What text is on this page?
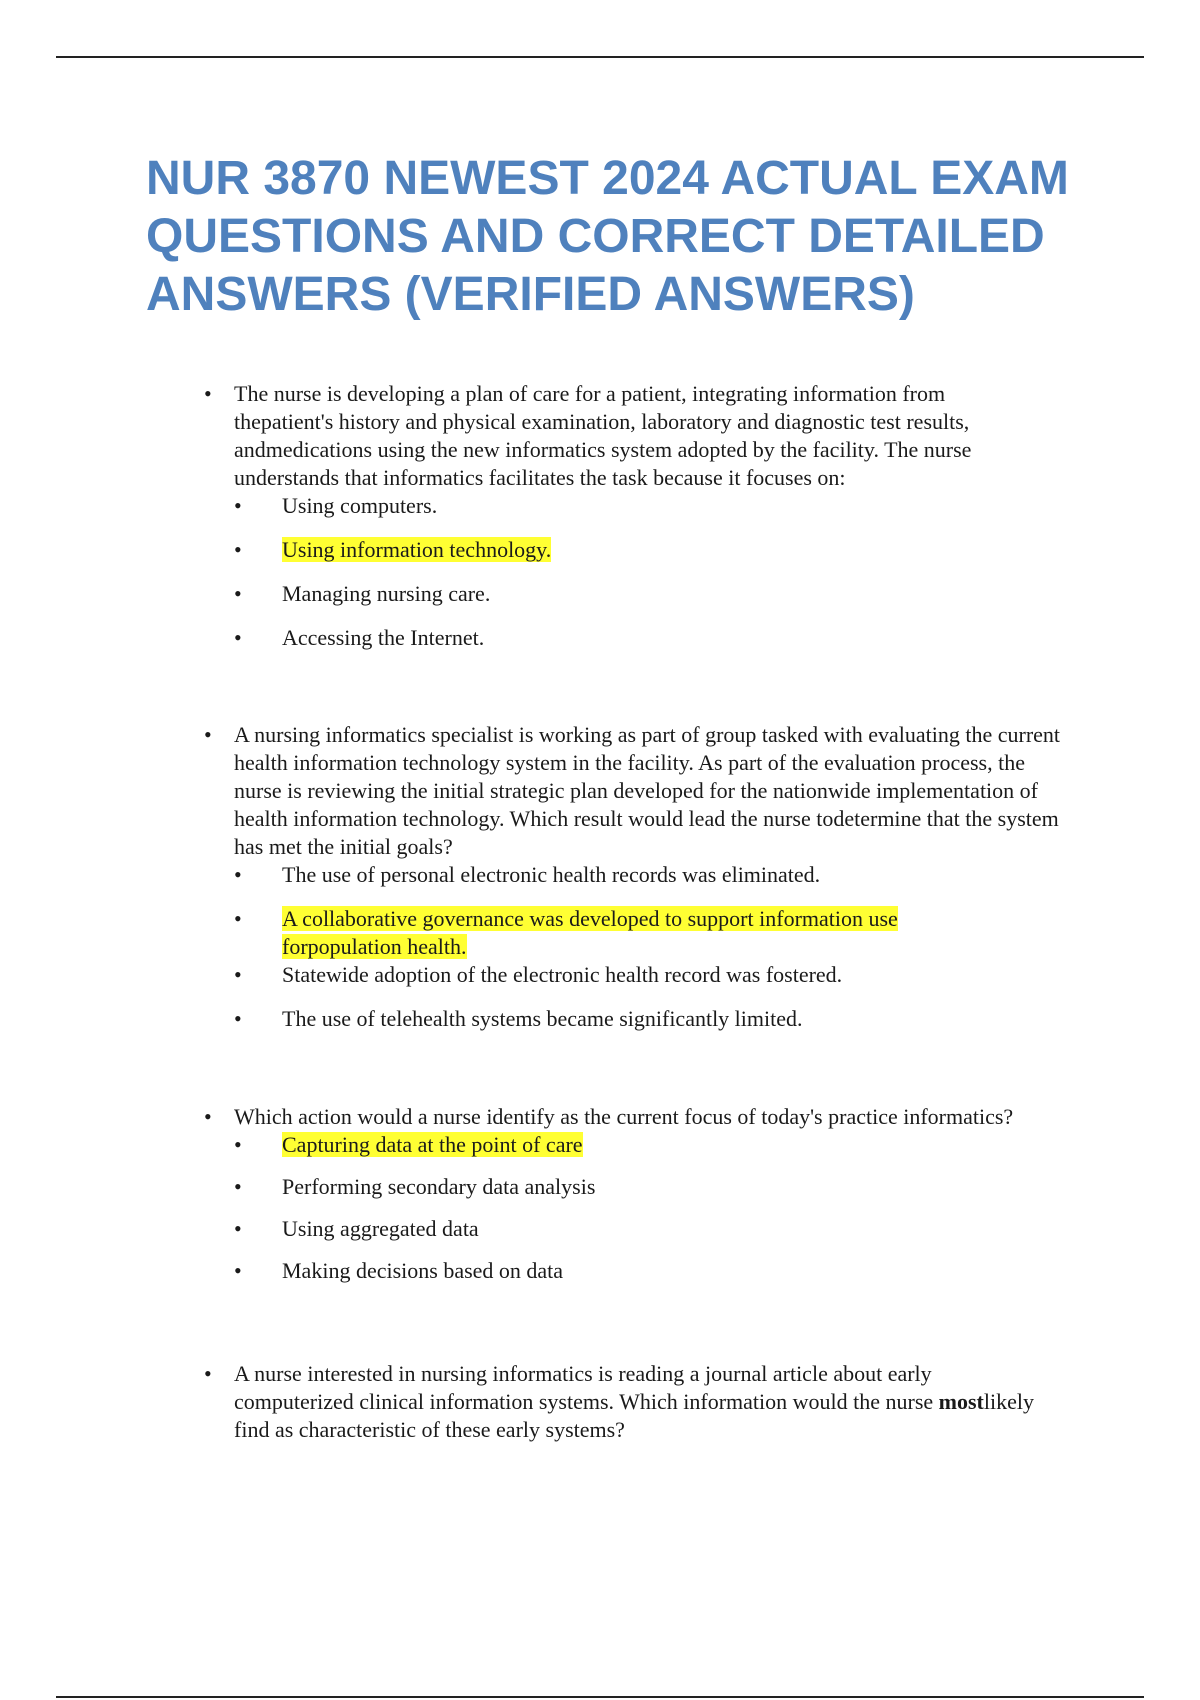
NUR 3870 NEWEST 2024 ACTUAL EXAM QUESTIONS AND CORRECT DETAILED ANSWERS (VERIFIED ANSWERS)
• The nurse is developing a plan of care for a patient, integrating information from thepatient's history and physical examination, laboratory and diagnostic test results, andmedications using the new informatics system adopted by the facility. The nurse understands that informatics facilitates the task because it focuses on:
• Using computers.
• Using information technology.
• Managing nursing care.
• Accessing the Internet.
• A nursing informatics specialist is working as part of group tasked with evaluating the current health information technology system in the facility. As part of the evaluation process, the nurse is reviewing the initial strategic plan developed for the nationwide implementation of health information technology. Which result would lead the nurse todetermine that the system has met the initial goals?
• The use of personal electronic health records was eliminated.
• A collaborative governance was developed to support information use forpopulation health.
• Statewide adoption of the electronic health record was fostered.
• The use of telehealth systems became significantly limited.
• Which action would a nurse identify as the current focus of today's practice informatics?
• Capturing data at the point of care
• Performing secondary data analysis
• Using aggregated data
• Making decisions based on data
• A nurse interested in nursing informatics is reading a journal article about early computerized clinical information systems. Which information would the nurse mostlikely find as characteristic of these early systems?
